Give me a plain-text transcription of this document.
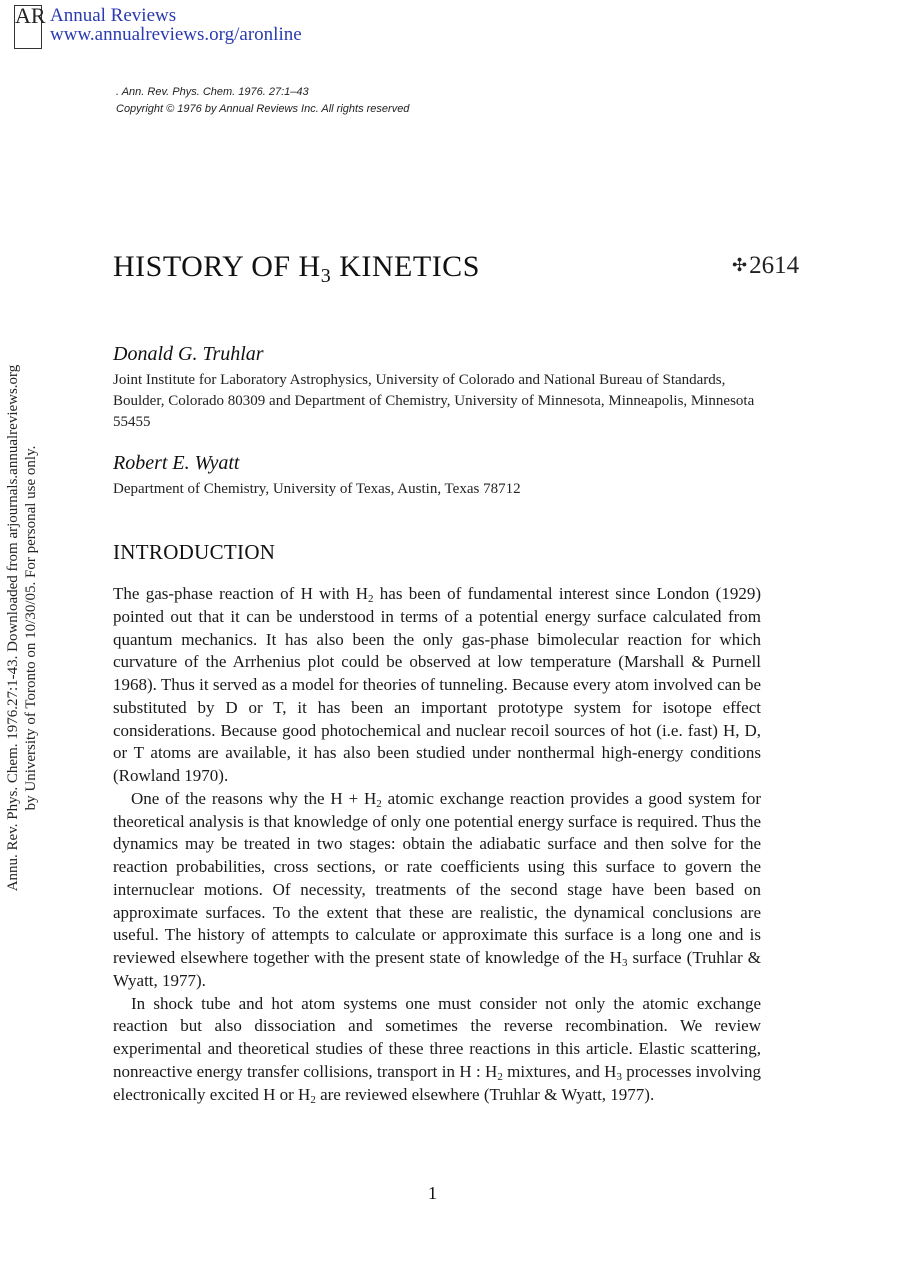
AR Annual Reviews
www.annualreviews.org/aronline
. Ann. Rev. Phys. Chem. 1976. 27:1–43
Copyright © 1976 by Annual Reviews Inc. All rights reserved
Annu. Rev. Phys. Chem. 1976.27:1-43. Downloaded from arjournals.annualreviews.org by University of Toronto on 10/30/05. For personal use only.
HISTORY OF $H_3$ KINETICS	✣2614
Donald G. Truhlar
Joint Institute for Laboratory Astrophysics, University of Colorado and National Bureau of Standards, Boulder, Colorado 80309 and Department of Chemistry, University of Minnesota, Minneapolis, Minnesota 55455
Robert E. Wyatt
Department of Chemistry, University of Texas, Austin, Texas 78712
INTRODUCTION

The gas-phase reaction of H with $H_2$ has been of fundamental interest since London (1929) pointed out that it can be understood in terms of a potential energy surface calculated from quantum mechanics. It has also been the only gas-phase bimolecular reaction for which curvature of the Arrhenius plot could be observed at low temperature (Marshall & Purnell 1968). Thus it served as a model for theories of tunneling. Because every atom involved can be substituted by D or T, it has been an important prototype system for isotope effect considerations. Because good photochemical and nuclear recoil sources of hot (i.e. fast) H, D, or T atoms are available, it has also been studied under nonthermal high-energy conditions (Rowland 1970).

One of the reasons why the $H + H_2$ atomic exchange reaction provides a good system for theoretical analysis is that knowledge of only one potential energy surface is required. Thus the dynamics may be treated in two stages: obtain the adiabatic surface and then solve for the reaction probabilities, cross sections, or rate coefficients using this surface to govern the internuclear motions. Of necessity, treatments of the second stage have been based on approximate surfaces. To the extent that these are realistic, the dynamical conclusions are useful. The history of attempts to calculate or approximate this surface is a long one and is reviewed elsewhere together with the present state of knowledge of the $H_3$ surface (Truhlar & Wyatt, 1977).

In shock tube and hot atom systems one must consider not only the atomic exchange reaction but also dissociation and sometimes the reverse recombination. We review experimental and theoretical studies of these three reactions in this article. Elastic scattering, nonreactive energy transfer collisions, transport in H : $H_2$ mixtures, and $H_3$ processes involving electronically excited H or $H_2$ are reviewed elsewhere (Truhlar & Wyatt, 1977).

1
